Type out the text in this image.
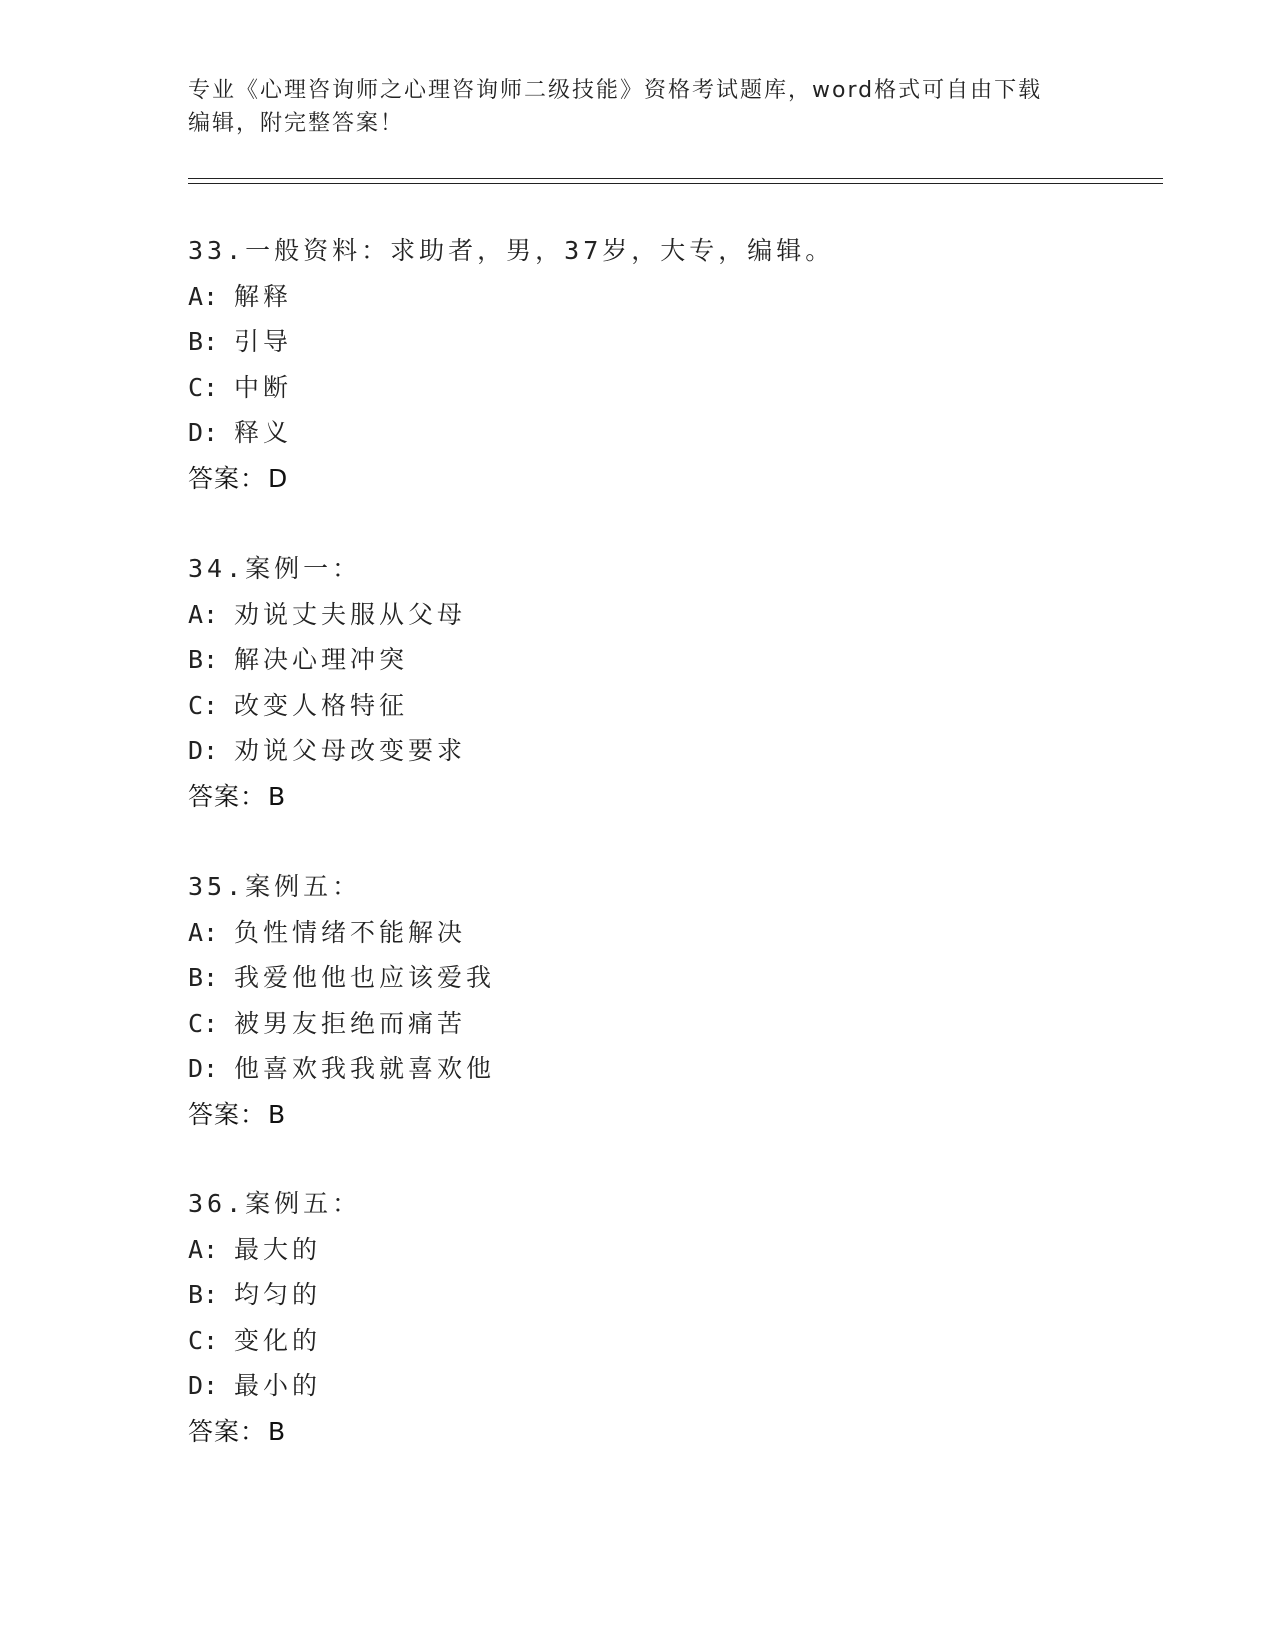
专业《心理咨询师之心理咨询师二级技能》资格考试题库，word格式可自由下载
编辑，附完整答案！
33.一般资料：求助者，男，37岁，大专，编辑。
A: 解释
B: 引导
C: 中断
D: 释义
答案：D
34.案例一：
A: 劝说丈夫服从父母
B: 解决心理冲突
C: 改变人格特征
D: 劝说父母改变要求
答案：B
35.案例五：
A: 负性情绪不能解决
B: 我爱他他也应该爱我
C: 被男友拒绝而痛苦
D: 他喜欢我我就喜欢他
答案：B
36.案例五：
A: 最大的
B: 均匀的
C: 变化的
D: 最小的
答案：B
